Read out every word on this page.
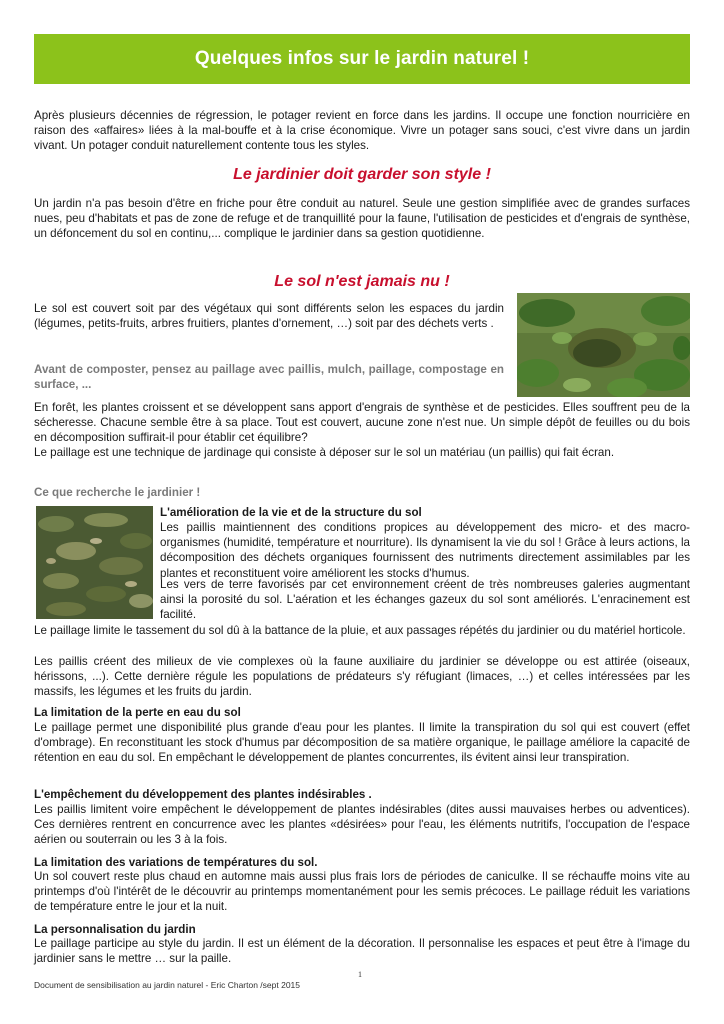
Quelques infos sur le jardin naturel !

Après plusieurs décennies de régression, le potager revient en force dans les jardins. Il occupe une fonction nourricière en raison des «affaires» liées à la mal-bouffe et à la crise économique. Vivre un potager sans souci, c'est vivre dans un jardin vivant. Un potager conduit naturellement contente tous les styles.

Le jardinier doit garder son style !

Un jardin n'a pas besoin d'être en friche pour être conduit au naturel. Seule une gestion simplifiée avec de grandes surfaces nues, peu d'habitats et pas de zone de refuge et de tranquillité pour la faune, l'utilisation de pesticides et d'engrais de synthèse, un défoncement du sol en continu,... complique le jardinier dans sa gestion quotidienne.

Le sol n'est jamais nu !

Le sol est couvert soit par des végétaux qui sont différents selon les espaces du jardin (légumes, petits-fruits, arbres fruitiers, plantes d'ornement, …) soit par des déchets verts .

Avant de composter, pensez au paillage avec paillis, mulch, paillage, compostage en surface, ...

En forêt, les plantes croissent et se développent sans apport d'engrais de synthèse et de pesticides. Elles souffrent peu de la sécheresse. Chacune semble être à sa place. Tout est couvert, aucune zone n'est nue. Un simple dépôt de feuilles ou du bois en décomposition suffirait-il pour établir cet équilibre?

Le paillage est une technique de jardinage qui consiste à déposer sur le sol un matériau (un paillis) qui fait écran.

Ce que recherche le jardinier !

L'amélioration de la vie et de la structure du sol

Les paillis maintiennent des conditions propices au développement des micro- et des macro-organismes (humidité, température et nourriture). Ils dynamisent la vie du sol ! Grâce à leurs actions, la décomposition des déchets organiques fournissent des nutriments directement assimilables par les plantes et reconstituent voire améliorent les stocks d'humus.

Les vers de terre favorisés par cet environnement créent de très nombreuses galeries augmentant ainsi la porosité du sol. L'aération et les échanges gazeux du sol sont améliorés. L'enracinement est facilité.

Le paillage limite le tassement du sol dû à la battance de la pluie, et aux passages répétés du jardinier ou du matériel horticole.

Les paillis créent des milieux de vie complexes où la faune auxiliaire du jardinier se développe ou est attirée (oiseaux, hérissons, ...). Cette dernière régule les populations de prédateurs s'y réfugiant (limaces, …) et celles intéressées par les massifs, les légumes et les fruits du jardin.

La limitation de la perte en eau du sol

Le paillage permet une disponibilité plus grande d'eau pour les plantes. Il limite la transpiration du sol qui est couvert (effet d'ombrage). En reconstituant les stock d'humus par décomposition de sa matière organique, le paillage améliore la capacité de rétention en eau du sol. En empêchant le développement de plantes concurrentes, ils évitent ainsi leur transpiration.

L'empêchement du développement des plantes indésirables .

Les paillis limitent voire empêchent le développement de plantes indésirables (dites aussi mauvaises herbes ou adventices). Ces dernières rentrent en concurrence avec les plantes «désirées» pour l'eau, les éléments nutritifs, l'occupation de l'espace aérien ou souterrain ou les 3 à la fois.

La limitation des variations de températures du sol.

Un sol couvert reste plus chaud en automne mais aussi plus frais lors de périodes de caniculke. Il se réchauffe moins vite au printemps d'où l'intérêt de le découvrir au printemps momentanément pour les semis précoces. Le paillage réduit les variations de température entre le jour et la nuit.

La personnalisation du jardin

Le paillage participe au style du jardin. Il est un élément de la décoration. Il personnalise les espaces et peut être à l'image du jardinier sans le mettre … sur la paille.

1
Document de sensibilisation au jardin naturel - Eric Charton /sept 2015
